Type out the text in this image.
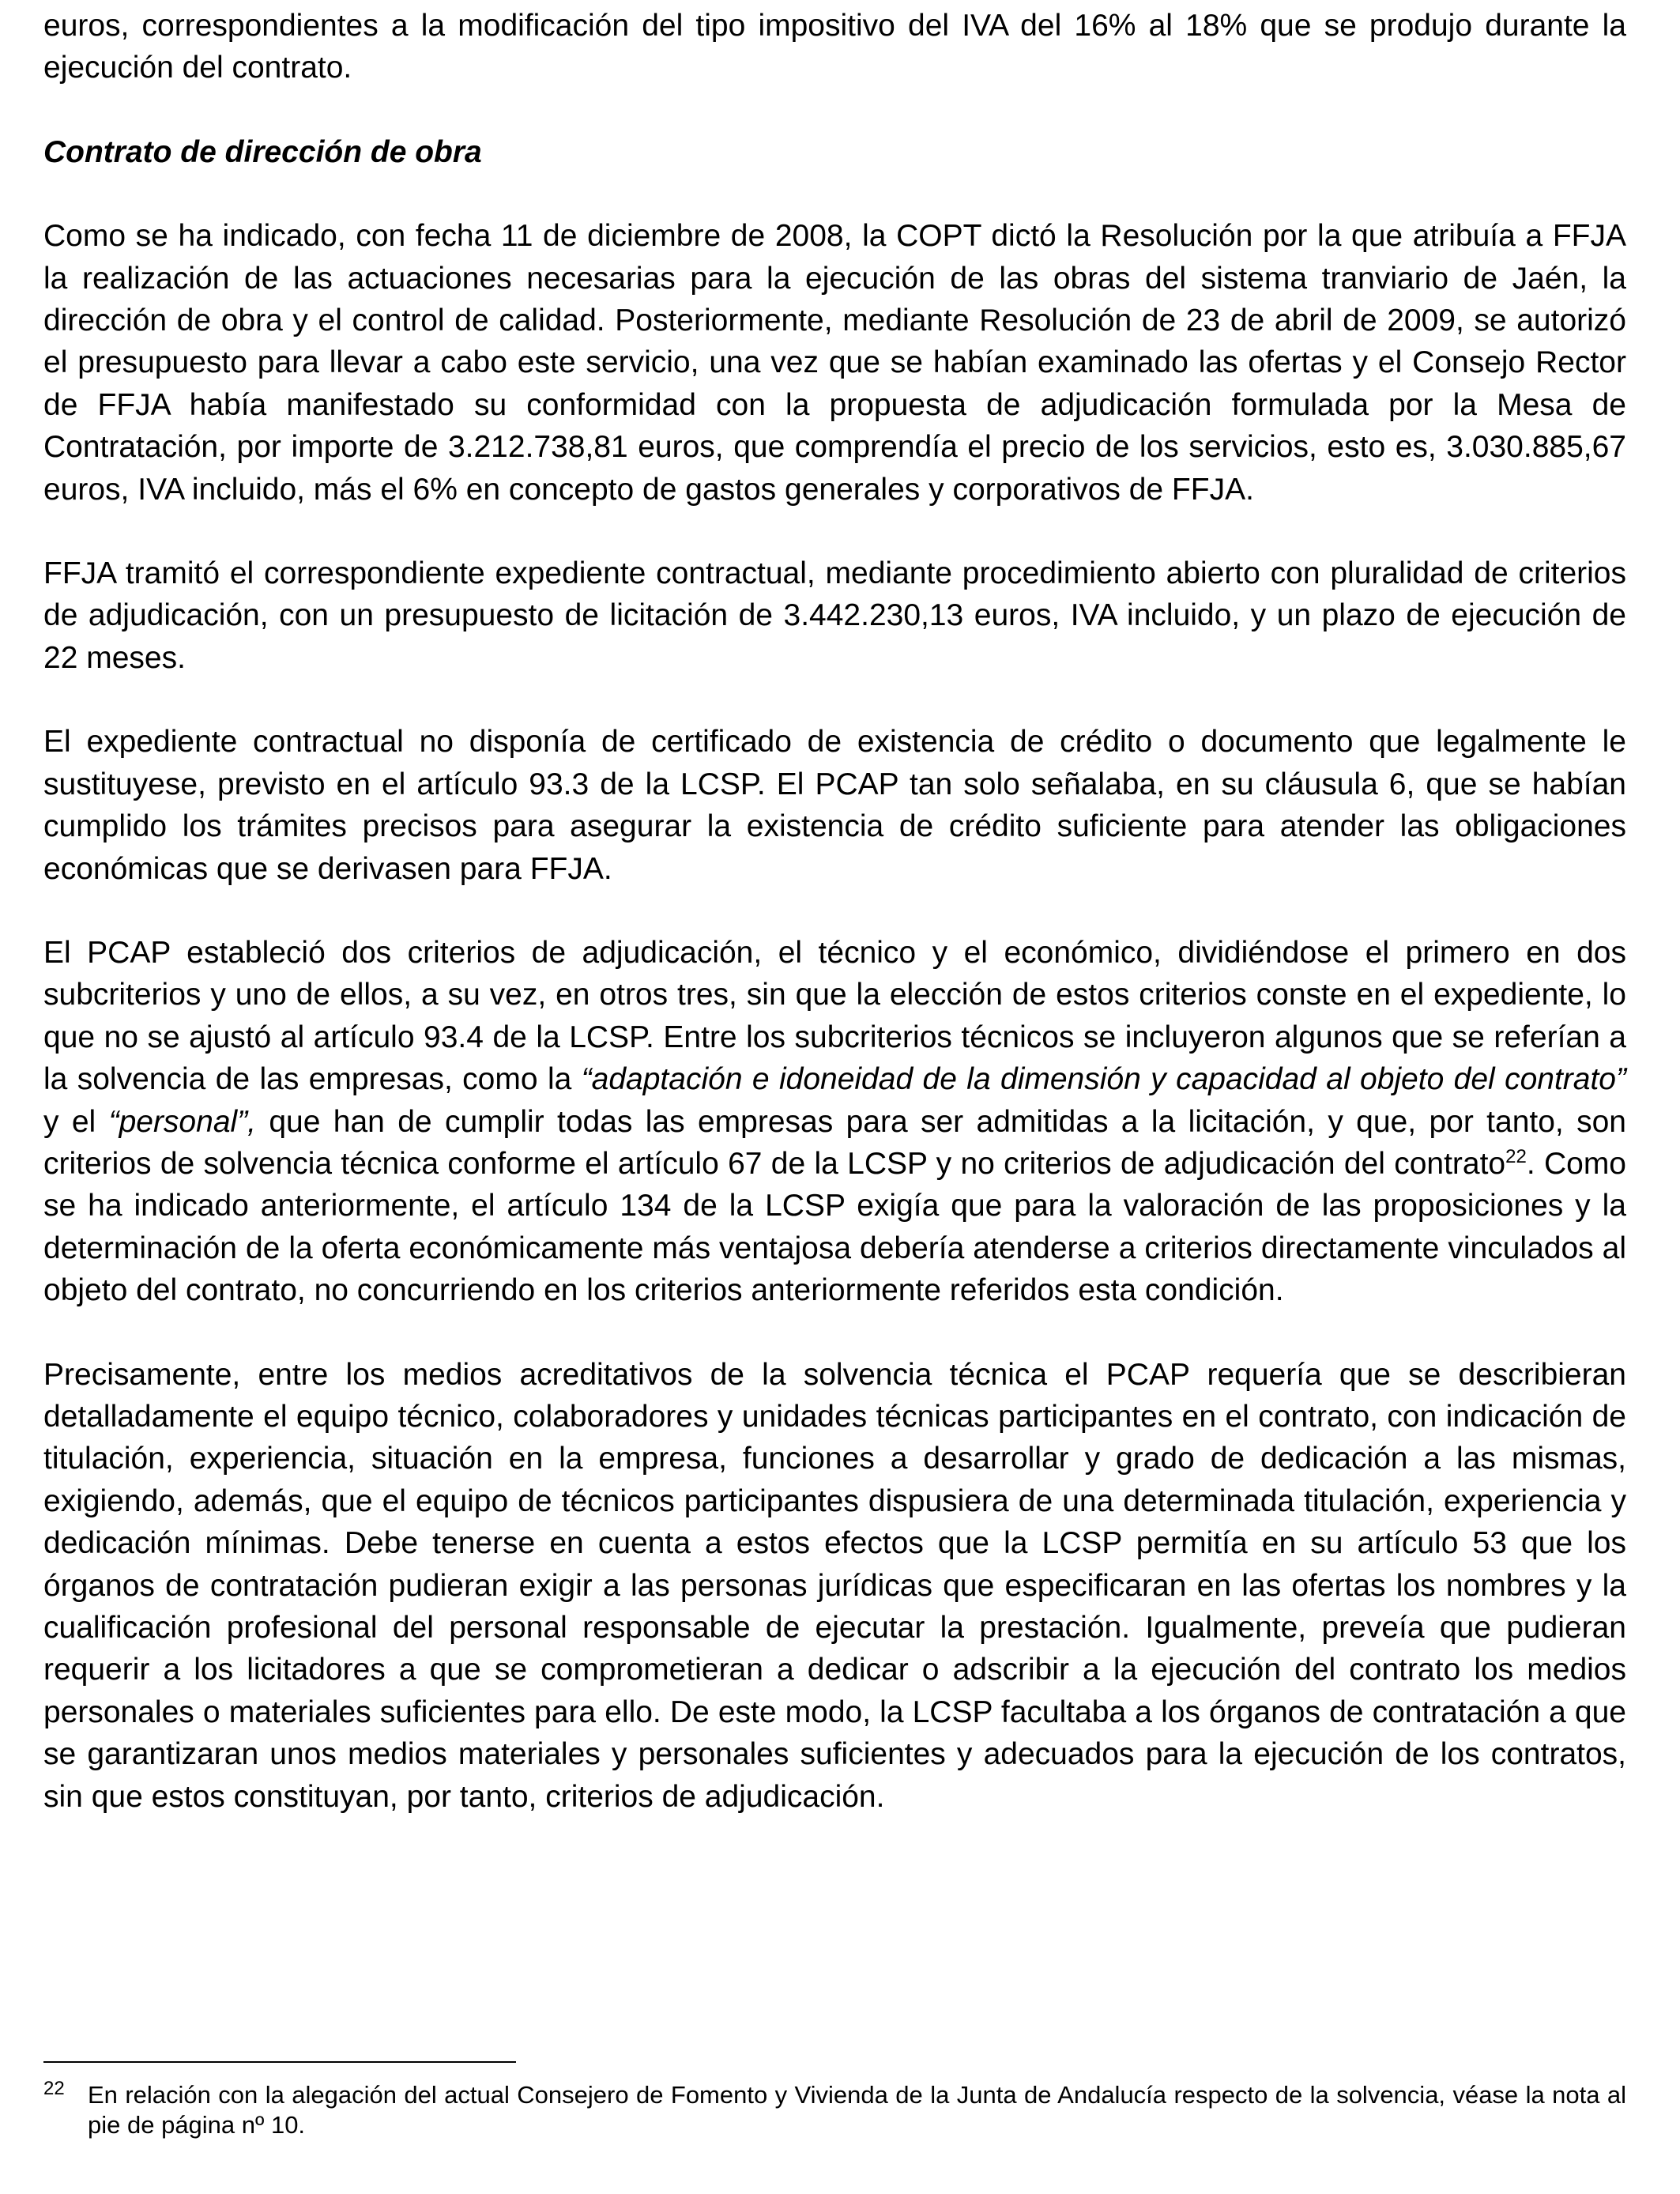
euros, correspondientes a la modificación del tipo impositivo del IVA del 16% al 18% que se produjo durante la ejecución del contrato.

Contrato de dirección de obra

Como se ha indicado, con fecha 11 de diciembre de 2008, la COPT dictó la Resolución por la que atribuía a FFJA la realización de las actuaciones necesarias para la ejecución de las obras del sistema tranviario de Jaén, la dirección de obra y el control de calidad. Posteriormente, mediante Resolución de 23 de abril de 2009, se autorizó el presupuesto para llevar a cabo este servicio, una vez que se habían examinado las ofertas y el Consejo Rector de FFJA había manifestado su conformidad con la propuesta de adjudicación formulada por la Mesa de Contratación, por importe de 3.212.738,81 euros, que comprendía el precio de los servicios, esto es, 3.030.885,67 euros, IVA incluido, más el 6% en concepto de gastos generales y corporativos de FFJA.

FFJA tramitó el correspondiente expediente contractual, mediante procedimiento abierto con pluralidad de criterios de adjudicación, con un presupuesto de licitación de 3.442.230,13 euros, IVA incluido, y un plazo de ejecución de 22 meses.

El expediente contractual no disponía de certificado de existencia de crédito o documento que legalmente le sustituyese, previsto en el artículo 93.3 de la LCSP. El PCAP tan solo señalaba, en su cláusula 6, que se habían cumplido los trámites precisos para asegurar la existencia de crédito suficiente para atender las obligaciones económicas que se derivasen para FFJA.

El PCAP estableció dos criterios de adjudicación, el técnico y el económico, dividiéndose el primero en dos subcriterios y uno de ellos, a su vez, en otros tres, sin que la elección de estos criterios conste en el expediente, lo que no se ajustó al artículo 93.4 de la LCSP. Entre los subcriterios técnicos se incluyeron algunos que se referían a la solvencia de las empresas, como la “adaptación e idoneidad de la dimensión y capacidad al objeto del contrato” y el “personal”, que han de cumplir todas las empresas para ser admitidas a la licitación, y que, por tanto, son criterios de solvencia técnica conforme el artículo 67 de la LCSP y no criterios de adjudicación del contrato$^{22}$. Como se ha indicado anteriormente, el artículo 134 de la LCSP exigía que para la valoración de las proposiciones y la determinación de la oferta económicamente más ventajosa debería atenderse a criterios directamente vinculados al objeto del contrato, no concurriendo en los criterios anteriormente referidos esta condición.

Precisamente, entre los medios acreditativos de la solvencia técnica el PCAP requería que se describieran detalladamente el equipo técnico, colaboradores y unidades técnicas participantes en el contrato, con indicación de titulación, experiencia, situación en la empresa, funciones a desarrollar y grado de dedicación a las mismas, exigiendo, además, que el equipo de técnicos participantes dispusiera de una determinada titulación, experiencia y dedicación mínimas. Debe tenerse en cuenta a estos efectos que la LCSP permitía en su artículo 53 que los órganos de contratación pudieran exigir a las personas jurídicas que especificaran en las ofertas los nombres y la cualificación profesional del personal responsable de ejecutar la prestación. Igualmente, preveía que pudieran requerir a los licitadores a que se comprometieran a dedicar o adscribir a la ejecución del contrato los medios personales o materiales suficientes para ello. De este modo, la LCSP facultaba a los órganos de contratación a que se garantizaran unos medios materiales y personales suficientes y adecuados para la ejecución de los contratos, sin que estos constituyan, por tanto, criterios de adjudicación.

22 En relación con la alegación del actual Consejero de Fomento y Vivienda de la Junta de Andalucía respecto de la solvencia, véase la nota al pie de página nº 10.
